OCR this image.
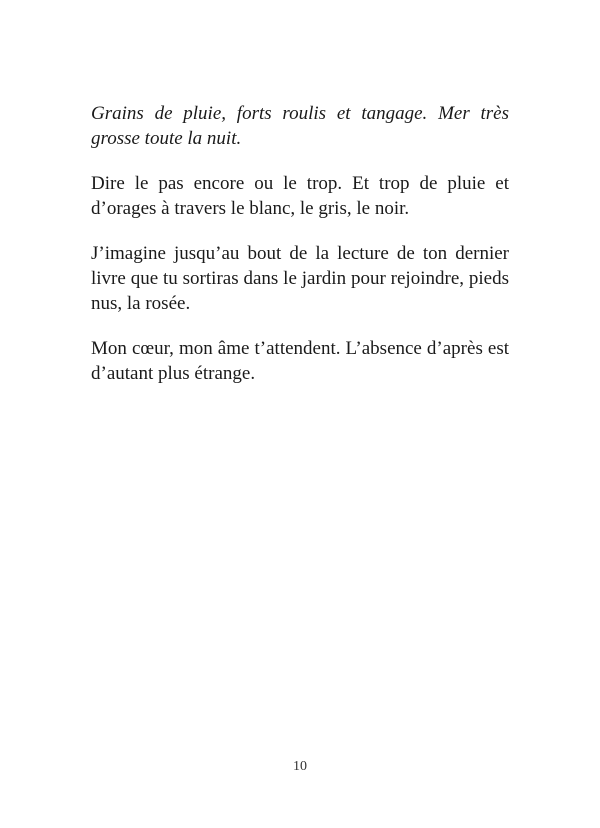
Grains de pluie, forts roulis et tangage. Mer très grosse toute la nuit.

Dire le pas encore ou le trop. Et trop de pluie et d’orages à travers le blanc, le gris, le noir.

J’imagine jusqu’au bout de la lecture de ton dernier livre que tu sortiras dans le jardin pour rejoindre, pieds nus, la rosée.

Mon cœur, mon âme t’attendent. L’absence d’après est d’autant plus étrange.

10
